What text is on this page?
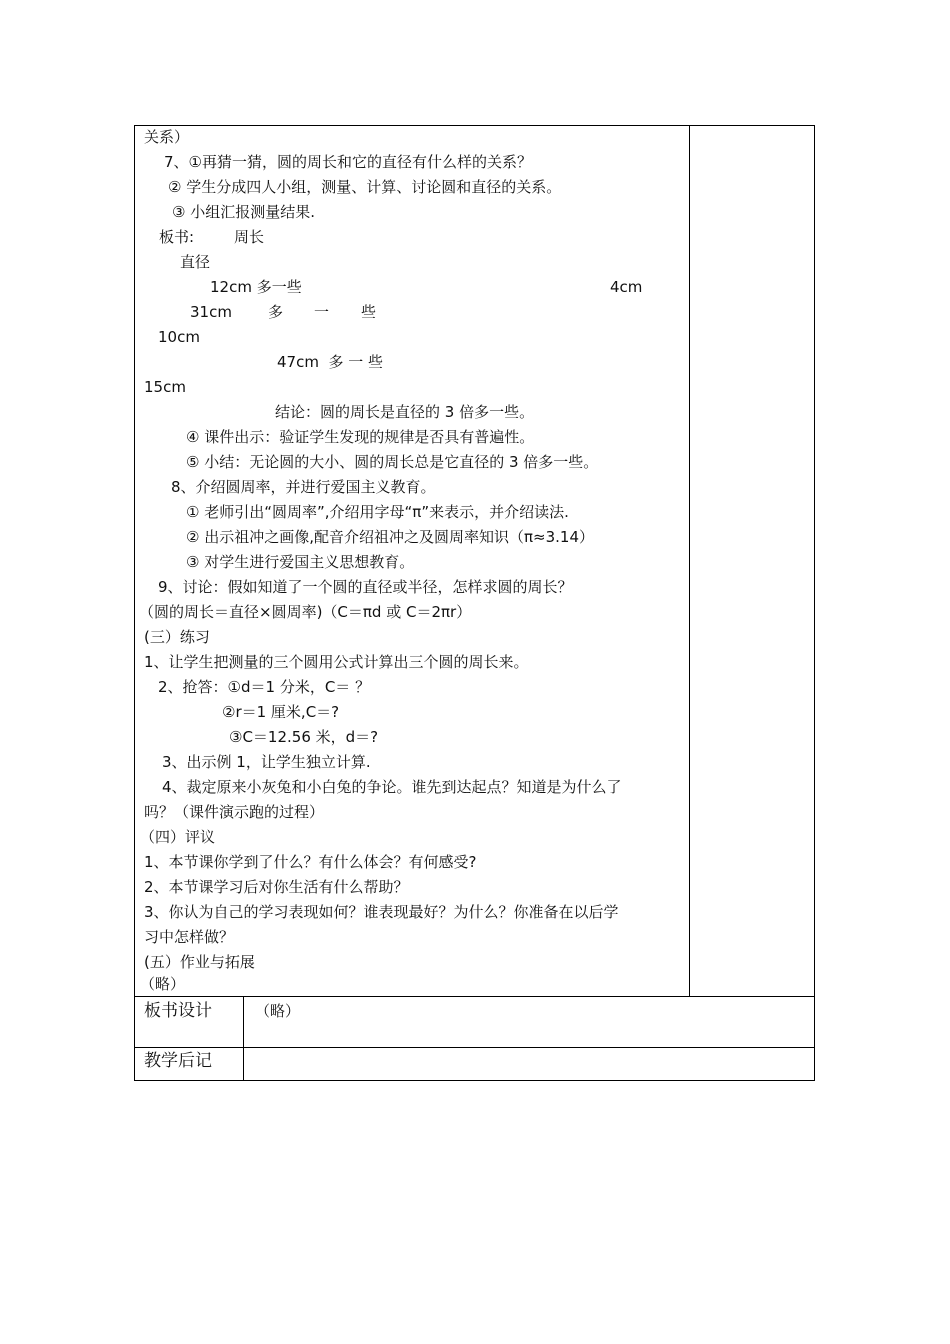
关系）
7、①再猜一猜，圆的周长和它的直径有什么样的关系？
② 学生分成四人小组，测量、计算、讨论圆和直径的关系。
③ 小组汇报测量结果.
板书:	周长
直径
12cm 多一些	4cm
31cm 多 一 些
10cm
47cm  多 一 些
15cm
结论：圆的周长是直径的 3 倍多一些。
④ 课件出示：验证学生发现的规律是否具有普遍性。
⑤ 小结：无论圆的大小、圆的周长总是它直径的 3 倍多一些。
8、介绍圆周率，并进行爱国主义教育。
① 老师引出“圆周率”,介绍用字母“π”来表示，并介绍读法.
② 出示祖冲之画像,配音介绍祖冲之及圆周率知识（π≈3.14）
③ 对学生进行爱国主义思想教育。
9、讨论：假如知道了一个圆的直径或半径，怎样求圆的周长？
（圆的周长＝直径×圆周率)（C＝πd 或 C＝2πr）
(三）练习
1、让学生把测量的三个圆用公式计算出三个圆的周长来。
2、抢答：①d＝1 分米，C＝ ？
②r＝1 厘米,C＝?
③C＝12.56 米，d＝?
3、出示例 1，让学生独立计算.
4、裁定原来小灰兔和小白兔的争论。谁先到达起点？知道是为什么了
吗？（课件演示跑的过程）
（四）评议
1、本节课你学到了什么？有什么体会？有何感受?
2、本节课学习后对你生活有什么帮助？
3、你认为自己的学习表现如何？谁表现最好？为什么？你准备在以后学
习中怎样做？
(五）作业与拓展
（略）
板书设计	（略）
教学后记
